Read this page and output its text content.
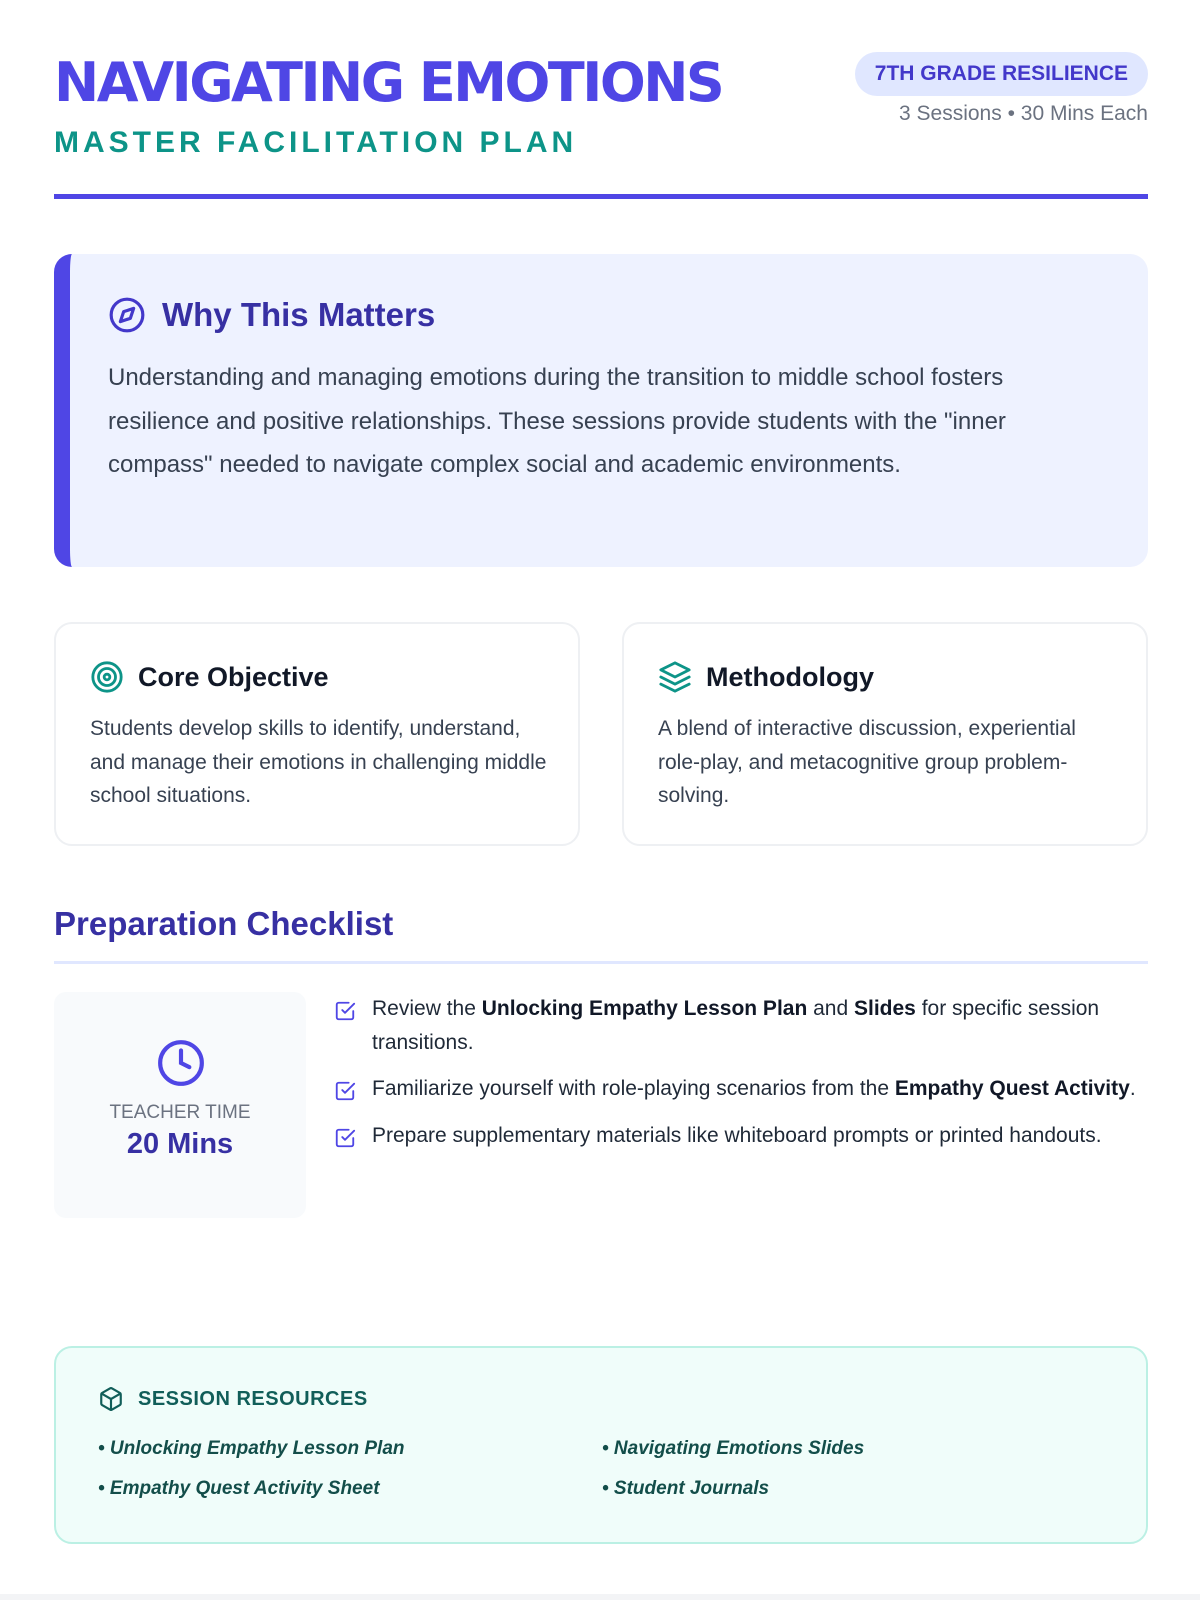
NAVIGATING EMOTIONS
MASTER FACILITATION PLAN
7TH GRADE RESILIENCE
3 Sessions • 30 Mins Each
Why This Matters

Understanding and managing emotions during the transition to middle school fosters resilience and positive relationships. These sessions provide students with the "inner compass" needed to navigate complex social and academic environments.

Core Objective

Students develop skills to identify, understand, and manage their emotions in challenging middle school situations.

Methodology

A blend of interactive discussion, experiential role-play, and metacognitive group problem-solving.

Preparation Checklist
TEACHER TIME
20 Mins
Review the Unlocking Empathy Lesson Plan and Slides for specific session transitions.
Familiarize yourself with role-playing scenarios from the Empathy Quest Activity.
Prepare supplementary materials like whiteboard prompts or printed handouts.
SESSION RESOURCES
• Unlocking Empathy Lesson Plan	• Navigating Emotions Slides
• Empathy Quest Activity Sheet	• Student Journals
